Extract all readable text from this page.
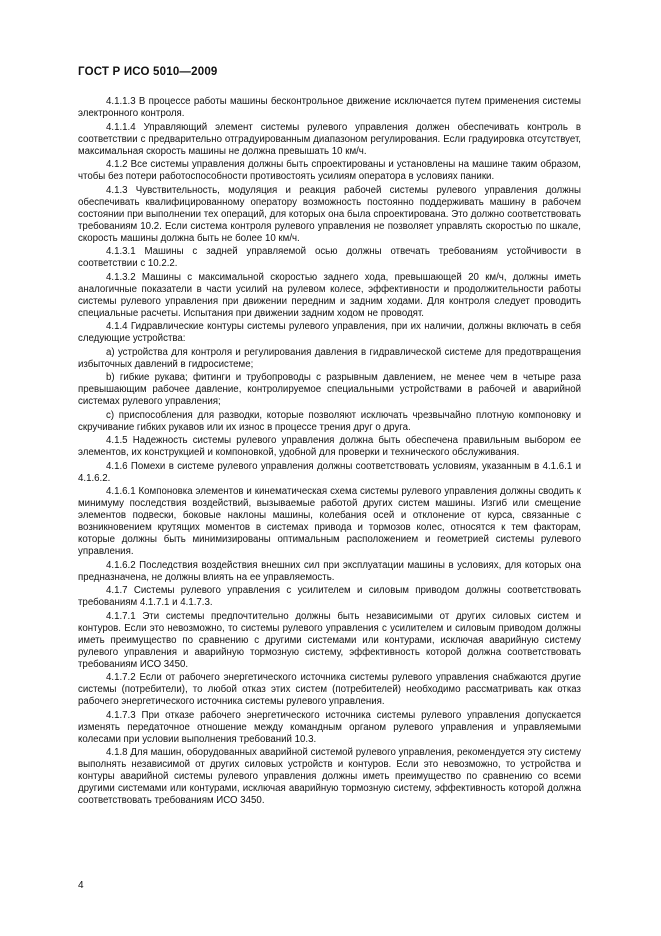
ГОСТ Р ИСО 5010—2009

4.1.1.3 В процессе работы машины бесконтрольное движение исключается путем применения системы электронного контроля.

4.1.1.4 Управляющий элемент системы рулевого управления должен обеспечивать контроль в соответствии с предварительно отградуированным диапазоном регулирования. Если градуировка отсутствует, максимальная скорость машины не должна превышать 10 км/ч.

4.1.2 Все системы управления должны быть спроектированы и установлены на машине таким образом, чтобы без потери работоспособности противостоять усилиям оператора в условиях паники.

4.1.3 Чувствительность, модуляция и реакция рабочей системы рулевого управления должны обеспечивать квалифицированному оператору возможность постоянно поддерживать машину в рабочем состоянии при выполнении тех операций, для которых она была спроектирована. Это должно соответствовать требованиям 10.2. Если система контроля рулевого управления не позволяет управлять скоростью по шкале, скорость машины должна быть не более 10 км/ч.

4.1.3.1 Машины с задней управляемой осью должны отвечать требованиям устойчивости в соответствии с 10.2.2.

4.1.3.2 Машины с максимальной скоростью заднего хода, превышающей 20 км/ч, должны иметь аналогичные показатели в части усилий на рулевом колесе, эффективности и продолжительности работы системы рулевого управления при движении передним и задним ходами. Для контроля следует проводить специальные расчеты. Испытания при движении задним ходом не проводят.

4.1.4 Гидравлические контуры системы рулевого управления, при их наличии, должны включать в себя следующие устройства:

a) устройства для контроля и регулирования давления в гидравлической системе для предотвращения избыточных давлений в гидросистеме;

b) гибкие рукава; фитинги и трубопроводы с разрывным давлением, не менее чем в четыре раза превышающим рабочее давление, контролируемое специальными устройствами в рабочей и аварийной системах рулевого управления;

c) приспособления для разводки, которые позволяют исключать чрезвычайно плотную компоновку и скручивание гибких рукавов или их износ в процессе трения друг о друга.

4.1.5 Надежность системы рулевого управления должна быть обеспечена правильным выбором ее элементов, их конструкцией и компоновкой, удобной для проверки и технического обслуживания.

4.1.6 Помехи в системе рулевого управления должны соответствовать условиям, указанным в 4.1.6.1 и 4.1.6.2.

4.1.6.1 Компоновка элементов и кинематическая схема системы рулевого управления должны сводить к минимуму последствия воздействий, вызываемые работой других систем машины. Изгиб или смещение элементов подвески, боковые наклоны машины, колебания осей и отклонение от курса, связанные с возникновением крутящих моментов в системах привода и тормозов колес, относятся к тем факторам, которые должны быть минимизированы оптимальным расположением и геометрией системы рулевого управления.

4.1.6.2 Последствия воздействия внешних сил при эксплуатации машины в условиях, для которых она предназначена, не должны влиять на ее управляемость.

4.1.7 Системы рулевого управления с усилителем и силовым приводом должны соответствовать требованиям 4.1.7.1 и 4.1.7.3.

4.1.7.1 Эти системы предпочтительно должны быть независимыми от других силовых систем и контуров. Если это невозможно, то системы рулевого управления с усилителем и силовым приводом должны иметь преимущество по сравнению с другими системами или контурами, исключая аварийную систему рулевого управления и аварийную тормозную систему, эффективность которой должна соответствовать требованиям ИСО 3450.

4.1.7.2 Если от рабочего энергетического источника системы рулевого управления снабжаются другие системы (потребители), то любой отказ этих систем (потребителей) необходимо рассматривать как отказ рабочего энергетического источника системы рулевого управления.

4.1.7.3 При отказе рабочего энергетического источника системы рулевого управления допускается изменять передаточное отношение между командным органом рулевого управления и управляемыми колесами при условии выполнения требований 10.3.

4.1.8 Для машин, оборудованных аварийной системой рулевого управления, рекомендуется эту систему выполнять независимой от других силовых устройств и контуров. Если это невозможно, то устройства и контуры аварийной системы рулевого управления должны иметь преимущество по сравнению со всеми другими системами или контурами, исключая аварийную тормозную систему, эффективность которой должна соответствовать требованиям ИСО 3450.

4
